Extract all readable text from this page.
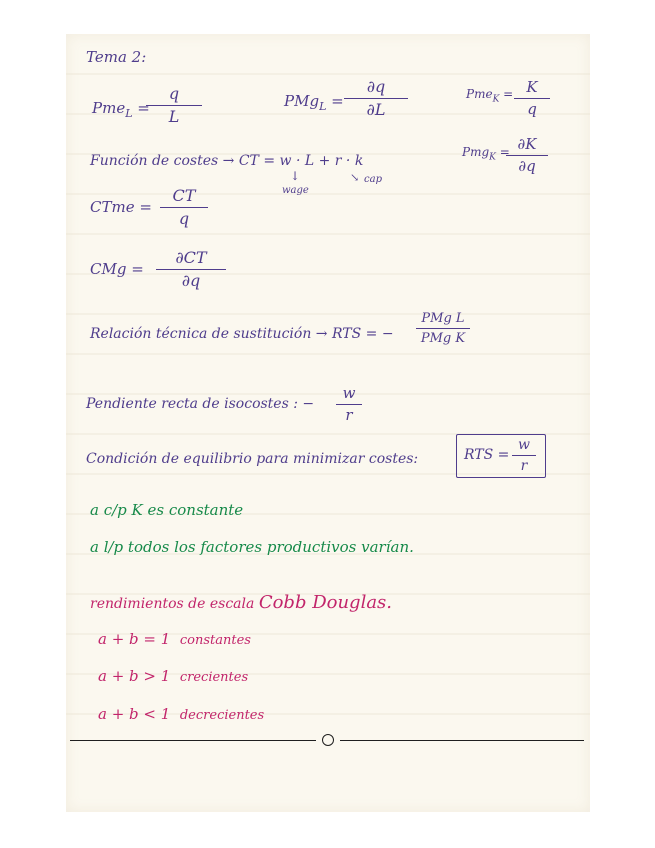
Tema 2:
Pme$_L$ =
q
L
PMg$_L$ =
∂q
∂L
Pme$_K$ = K
q
Pmg$_K$ = ∂K
∂q
Función de costes → CT = w · L + r · k
↓
wage
↘ cap
CTme =
CT
q
CMg =
∂CT
∂q
Relación técnica de sustitución → RTS = −
PMg L
PMg K
Pendiente recta de isocostes : −
w
r
Condición de equilibrio para minimizar costes:	RTS =
w
r
a c/p K es constante
a l/p todos los factores productivos varían.
rendimientos de escala Cobb Douglas.
a + b = 1 constantes
a + b > 1 crecientes
a + b < 1 decrecientes
